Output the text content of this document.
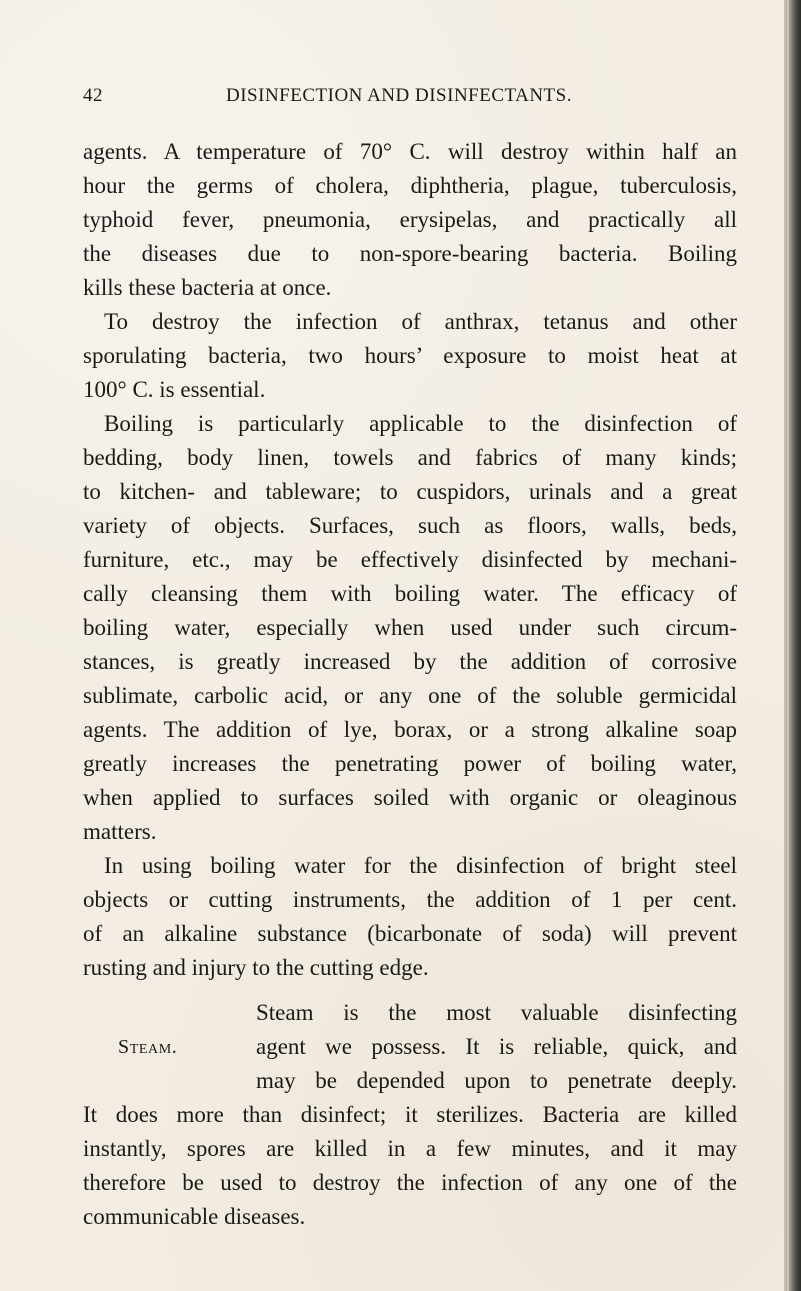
42	DISINFECTION AND DISINFECTANTS.
agents. A temperature of 70° C. will destroy within half an
hour the germs of cholera, diphtheria, plague, tuberculosis,
typhoid fever, pneumonia, erysipelas, and practically all
the diseases due to non-spore-bearing bacteria. Boiling
kills these bacteria at once.
To destroy the infection of anthrax, tetanus and other
sporulating bacteria, two hours’ exposure to moist heat at
100° C. is essential.
Boiling is particularly applicable to the disinfection of
bedding, body linen, towels and fabrics of many kinds;
to kitchen- and tableware; to cuspidors, urinals and a great
variety of objects. Surfaces, such as floors, walls, beds,
furniture, etc., may be effectively disinfected by mechani-
cally cleansing them with boiling water. The efficacy of
boiling water, especially when used under such circum-
stances, is greatly increased by the addition of corrosive
sublimate, carbolic acid, or any one of the soluble germicidal
agents. The addition of lye, borax, or a strong alkaline soap
greatly increases the penetrating power of boiling water,
when applied to surfaces soiled with organic or oleaginous
matters.
In using boiling water for the disinfection of bright steel
objects or cutting instruments, the addition of 1 per cent.
of an alkaline substance (bicarbonate of soda) will prevent
rusting and injury to the cutting edge.
Steam is the most valuable disinfecting
Steam.	agent we possess. It is reliable, quick, and
may be depended upon to penetrate deeply.
It does more than disinfect; it sterilizes. Bacteria are killed
instantly, spores are killed in a few minutes, and it may
therefore be used to destroy the infection of any one of the
communicable diseases.
